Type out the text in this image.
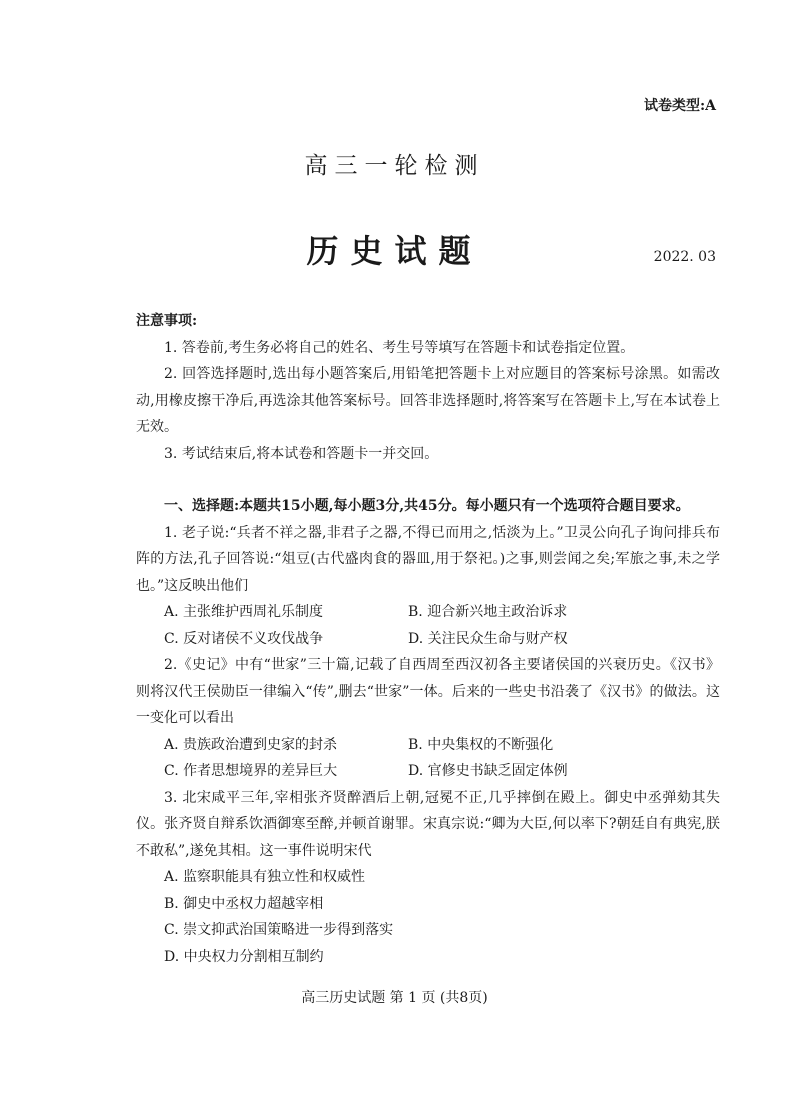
试卷类型:A
高三一轮检测
历史试题	2022. 03

注意事项:

1. 答卷前,考生务必将自己的姓名、考生号等填写在答题卡和试卷指定位置。

2. 回答选择题时,选出每小题答案后,用铅笔把答题卡上对应题目的答案标号涂黑。如需改动,用橡皮擦干净后,再选涂其他答案标号。回答非选择题时,将答案写在答题卡上,写在本试卷上无效。

3. 考试结束后,将本试卷和答题卡一并交回。

一、选择题:本题共15小题,每小题3分,共45分。每小题只有一个选项符合题目要求。

1. 老子说:“兵者不祥之器,非君子之器,不得已而用之,恬淡为上。”卫灵公向孔子询问排兵布阵的方法,孔子回答说:“俎豆(古代盛肉食的器皿,用于祭祀。)之事,则尝闻之矣;军旅之事,未之学也。”这反映出他们

A. 主张维护西周礼乐制度	B. 迎合新兴地主政治诉求
C. 反对诸侯不义攻伐战争	D. 关注民众生命与财产权

2.《史记》中有“世家”三十篇,记载了自西周至西汉初各主要诸侯国的兴衰历史。《汉书》则将汉代王侯勋臣一律编入“传”,删去“世家”一体。后来的一些史书沿袭了《汉书》的做法。这一变化可以看出

A. 贵族政治遭到史家的封杀	B. 中央集权的不断强化
C. 作者思想境界的差异巨大	D. 官修史书缺乏固定体例

3. 北宋咸平三年,宰相张齐贤醉酒后上朝,冠冕不正,几乎摔倒在殿上。御史中丞弹劾其失仪。张齐贤自辩系饮酒御寒至醉,并顿首谢罪。宋真宗说:“卿为大臣,何以率下?朝廷自有典宪,朕不敢私”,遂免其相。这一事件说明宋代

A. 监察职能具有独立性和权威性

B. 御史中丞权力超越宰相

C. 崇文抑武治国策略进一步得到落实

D. 中央权力分割相互制约

高三历史试题 第 1 页 (共8页)
